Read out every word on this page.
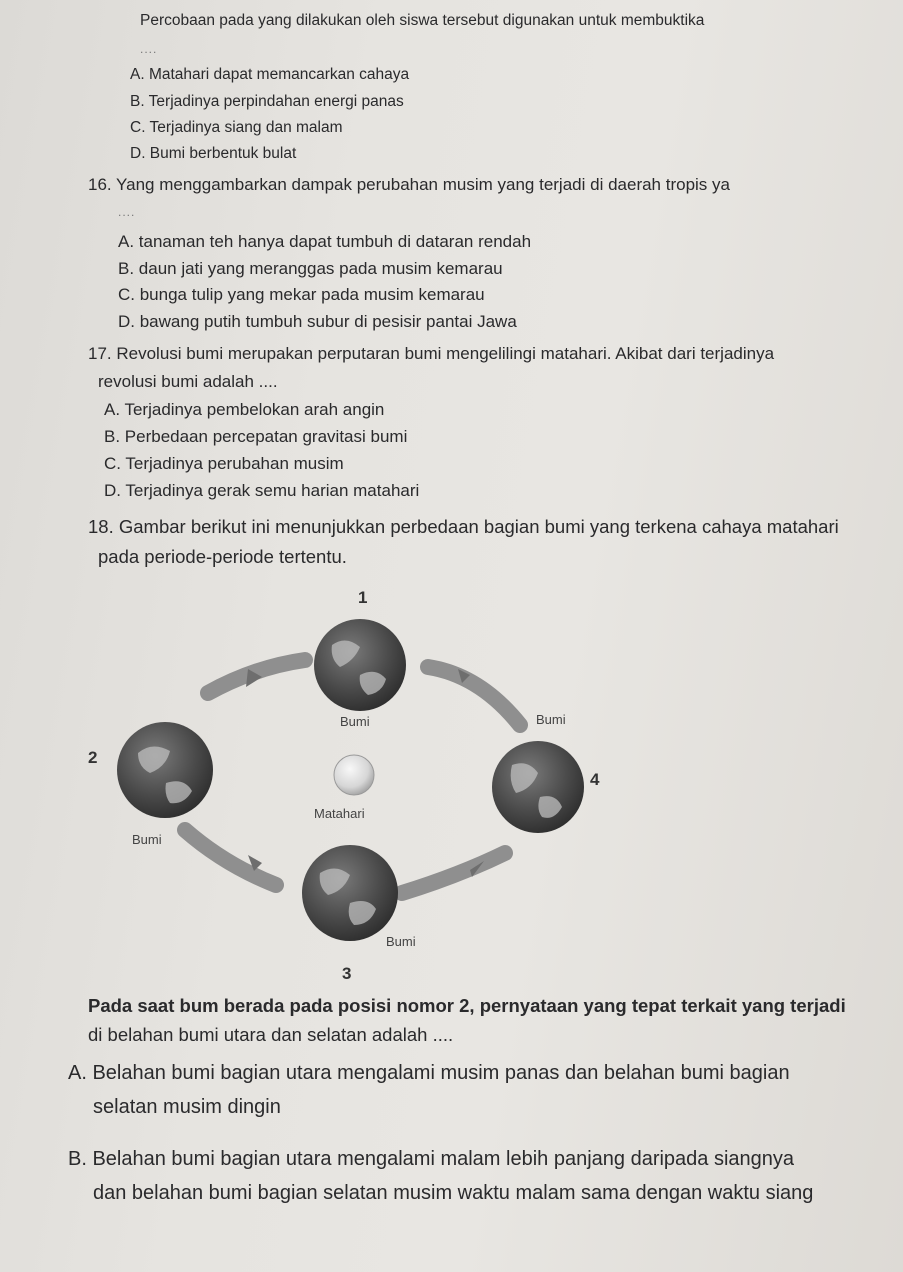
Percobaan pada yang dilakukan oleh siswa tersebut digunakan untuk membuktika
....
A. Matahari dapat memancarkan cahaya
B. Terjadinya perpindahan energi panas
C. Terjadinya siang dan malam
D. Bumi berbentuk bulat
16. Yang menggambarkan dampak perubahan musim yang terjadi di daerah tropis ya
....
A. tanaman teh hanya dapat tumbuh di dataran rendah
B. daun jati yang meranggas pada musim kemarau
C. bunga tulip yang mekar pada musim kemarau
D. bawang putih tumbuh subur di pesisir pantai Jawa
17. Revolusi bumi merupakan perputaran bumi mengelilingi matahari. Akibat dari terjadinya
revolusi bumi adalah ....
A. Terjadinya pembelokan arah angin
B. Perbedaan percepatan gravitasi bumi
C. Terjadinya perubahan musim
D. Terjadinya gerak semu harian matahari
18. Gambar berikut ini menunjukkan perbedaan bagian bumi yang terkena cahaya matahari
pada periode-periode tertentu.
1
2
3
4
Bumi	Bumi
Bumi
Bumi
Matahari
Pada saat bum berada pada posisi nomor 2, pernyataan yang tepat terkait yang terjadi
di belahan bumi utara dan selatan adalah ....
A. Belahan bumi bagian utara mengalami musim panas dan belahan bumi bagian
selatan musim dingin
B. Belahan bumi bagian utara mengalami malam lebih panjang daripada siangnya
dan belahan bumi bagian selatan musim waktu malam sama dengan waktu siang
